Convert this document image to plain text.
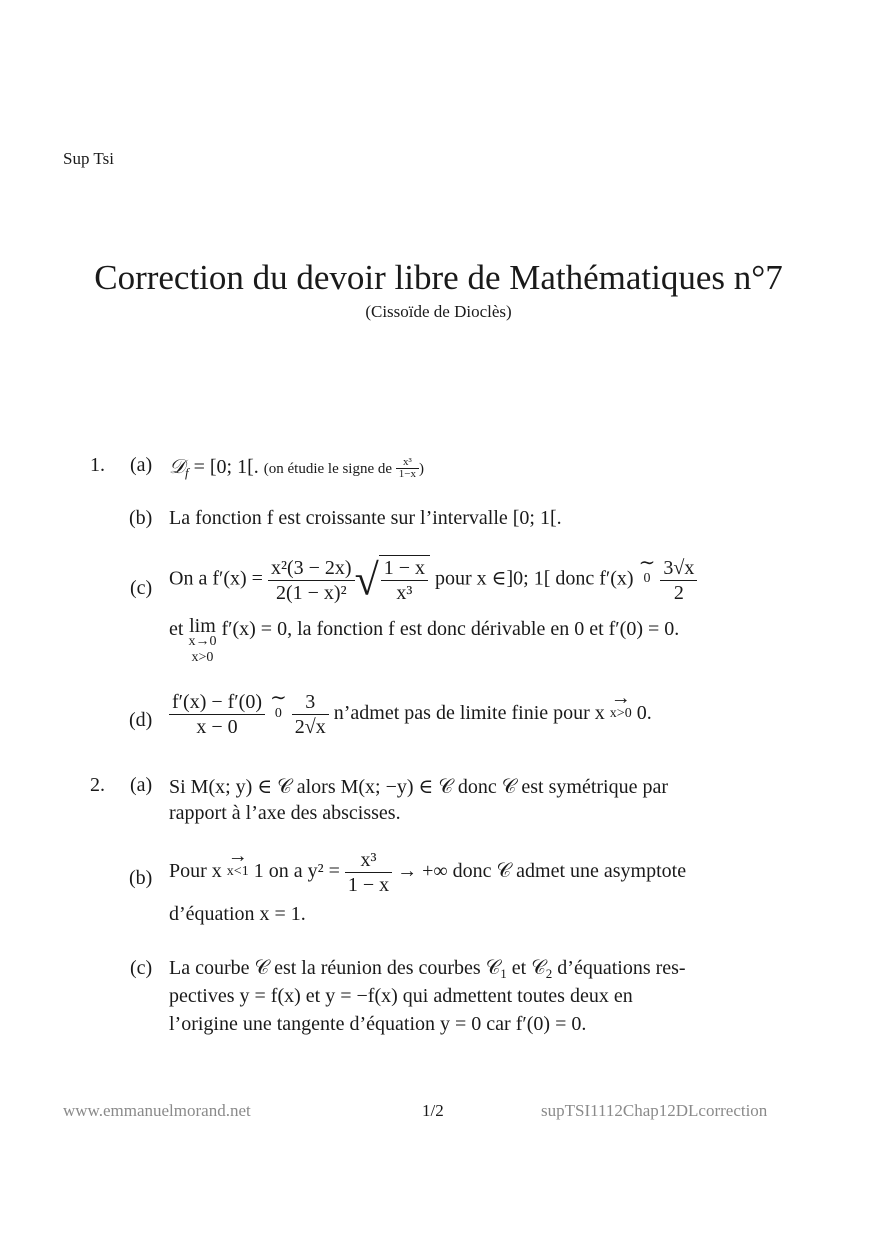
Sup Tsi
Correction du devoir libre de Mathématiques n°7
(Cissoïde de Dioclès)
1. (a) 𝒟$_f$ = [0; 1[. (on étudie le signe de $\frac{\text{x³}}{1-x}$ )
(b) La fonction f est croissante sur l’intervalle [0; 1[.
(c) On a $f'(x) = \frac{\text{x²(3 − 2x)}}{\text{2(1 − x)²}}$ √ $\frac{1 - x}{\text{x³}}$ pour x ∈]0; 1[ donc f′(x) ∼
0
$\frac{3√x}{2}$
et lim
x→0
x>0
f′(x) = 0, la fonction f est donc dérivable en 0 et f′(0) = 0.
$(d) \frac{f'(x) - f'(0)}{x - 0}$ ∼
0
$\frac{3}{2√x}$ n’admet pas de limite finie pour x →
x>0 0.
2. (a) Si M(x; y) ∈ 𝒞 alors M(x; −y) ∈ 𝒞 donc 𝒞 est symétrique par
rapport à l’axe des abscisses.
(b) Pour x →
x<1 1 on a $y^2 = \frac{\text{x³}}{1 - x}$ → +∞ donc 𝒞 admet une asymptote
d’équation x = 1.
(c) La courbe 𝒞 est la réunion des courbes 𝒞$_1$ et 𝒞$_2$ d’équations res-
pectives y = f(x) et y = −f(x) qui admettent toutes deux en
l’origine une tangente d’équation y = 0 car f′(0) = 0.
www.emmanuelmorand.net	1/2	supTSI1112Chap12DLcorrection
